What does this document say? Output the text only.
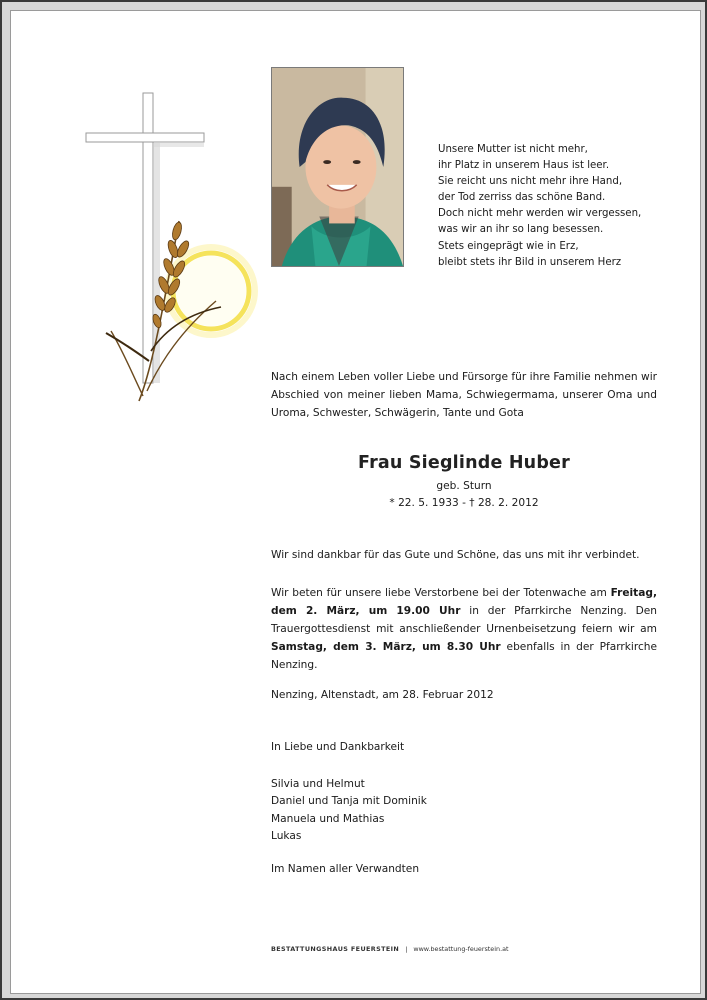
Unsere Mutter ist nicht mehr,
ihr Platz in unserem Haus ist leer.
Sie reicht uns nicht mehr ihre Hand,
der Tod zerriss das schöne Band.
Doch nicht mehr werden wir vergessen,
was wir an ihr so lang besessen.
Stets eingeprägt wie in Erz,
bleibt stets ihr Bild in unserem Herz
Nach einem Leben voller Liebe und Fürsorge für ihre Familie nehmen wir Abschied von meiner lieben Mama, Schwiegermama, unserer Oma und Uroma, Schwester, Schwägerin, Tante und Gota
Frau Sieglinde Huber
geb. Sturn
* 22. 5. 1933 - † 28. 2. 2012
Wir sind dankbar für das Gute und Schöne, das uns mit ihr verbindet.
Wir beten für unsere liebe Verstorbene bei der Totenwache am Freitag, dem 2. März, um 19.00 Uhr in der Pfarrkirche Nenzing. Den Trauergottesdienst mit anschließender Urnenbeisetzung feiern wir am Samstag, dem 3. März, um 8.30 Uhr ebenfalls in der Pfarrkirche Nenzing.
Nenzing, Altenstadt, am 28. Februar 2012
In Liebe und Dankbarkeit
Silvia und Helmut
Daniel und Tanja mit Dominik
Manuela und Mathias
Lukas
Im Namen aller Verwandten
BESTATTUNGSHAUS FEUERSTEIN | www.bestattung-feuerstein.at
